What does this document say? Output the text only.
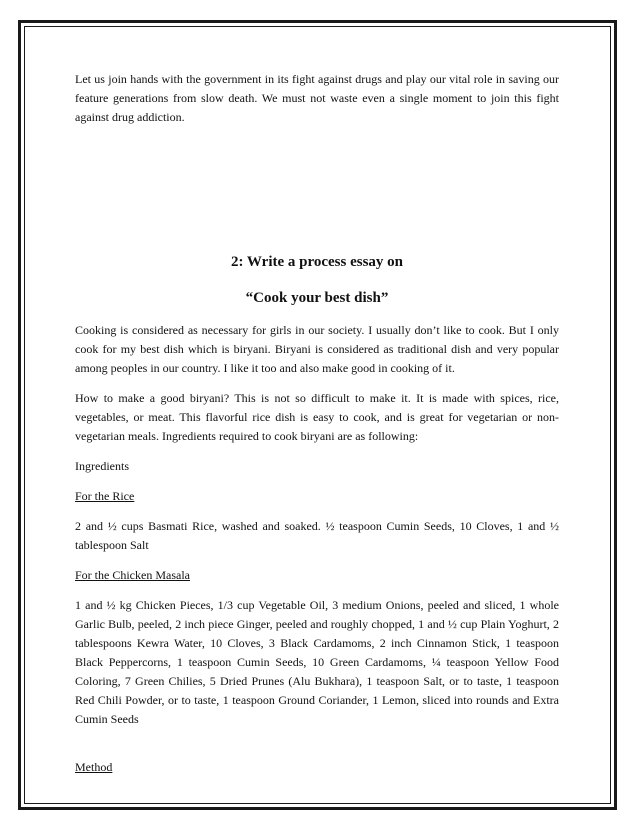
Let us join hands with the government in its fight against drugs and play our vital role in saving our feature generations from slow death. We must not waste even a single moment to join this fight against drug addiction.

2: Write a process essay on

“Cook your best dish”

Cooking is considered as necessary for girls in our society. I usually don’t like to cook. But I only cook for my best dish which is biryani. Biryani is considered as traditional dish and very popular among peoples in our country. I like it too and also make good in cooking of it.

How to make a good biryani? This is not so difficult to make it. It is made with spices, rice, vegetables, or meat. This flavorful rice dish is easy to cook, and is great for vegetarian or non-vegetarian meals. Ingredients required to cook biryani are as following:

Ingredients

For the Rice

2 and ½ cups Basmati Rice, washed and soaked. ½ teaspoon Cumin Seeds, 10 Cloves, 1 and ½ tablespoon Salt

For the Chicken Masala

1 and ½ kg Chicken Pieces, 1/3 cup Vegetable Oil, 3 medium Onions, peeled and sliced, 1 whole Garlic Bulb, peeled, 2 inch piece Ginger, peeled and roughly chopped, 1 and ½ cup Plain Yoghurt, 2 tablespoons Kewra Water, 10 Cloves, 3 Black Cardamoms, 2 inch Cinnamon Stick, 1 teaspoon Black Peppercorns, 1 teaspoon Cumin Seeds, 10 Green Cardamoms, ¼ teaspoon Yellow Food Coloring, 7 Green Chilies, 5 Dried Prunes (Alu Bukhara), 1 teaspoon Salt, or to taste, 1 teaspoon Red Chili Powder, or to taste, 1 teaspoon Ground Coriander, 1 Lemon, sliced into rounds and Extra Cumin Seeds

Method
